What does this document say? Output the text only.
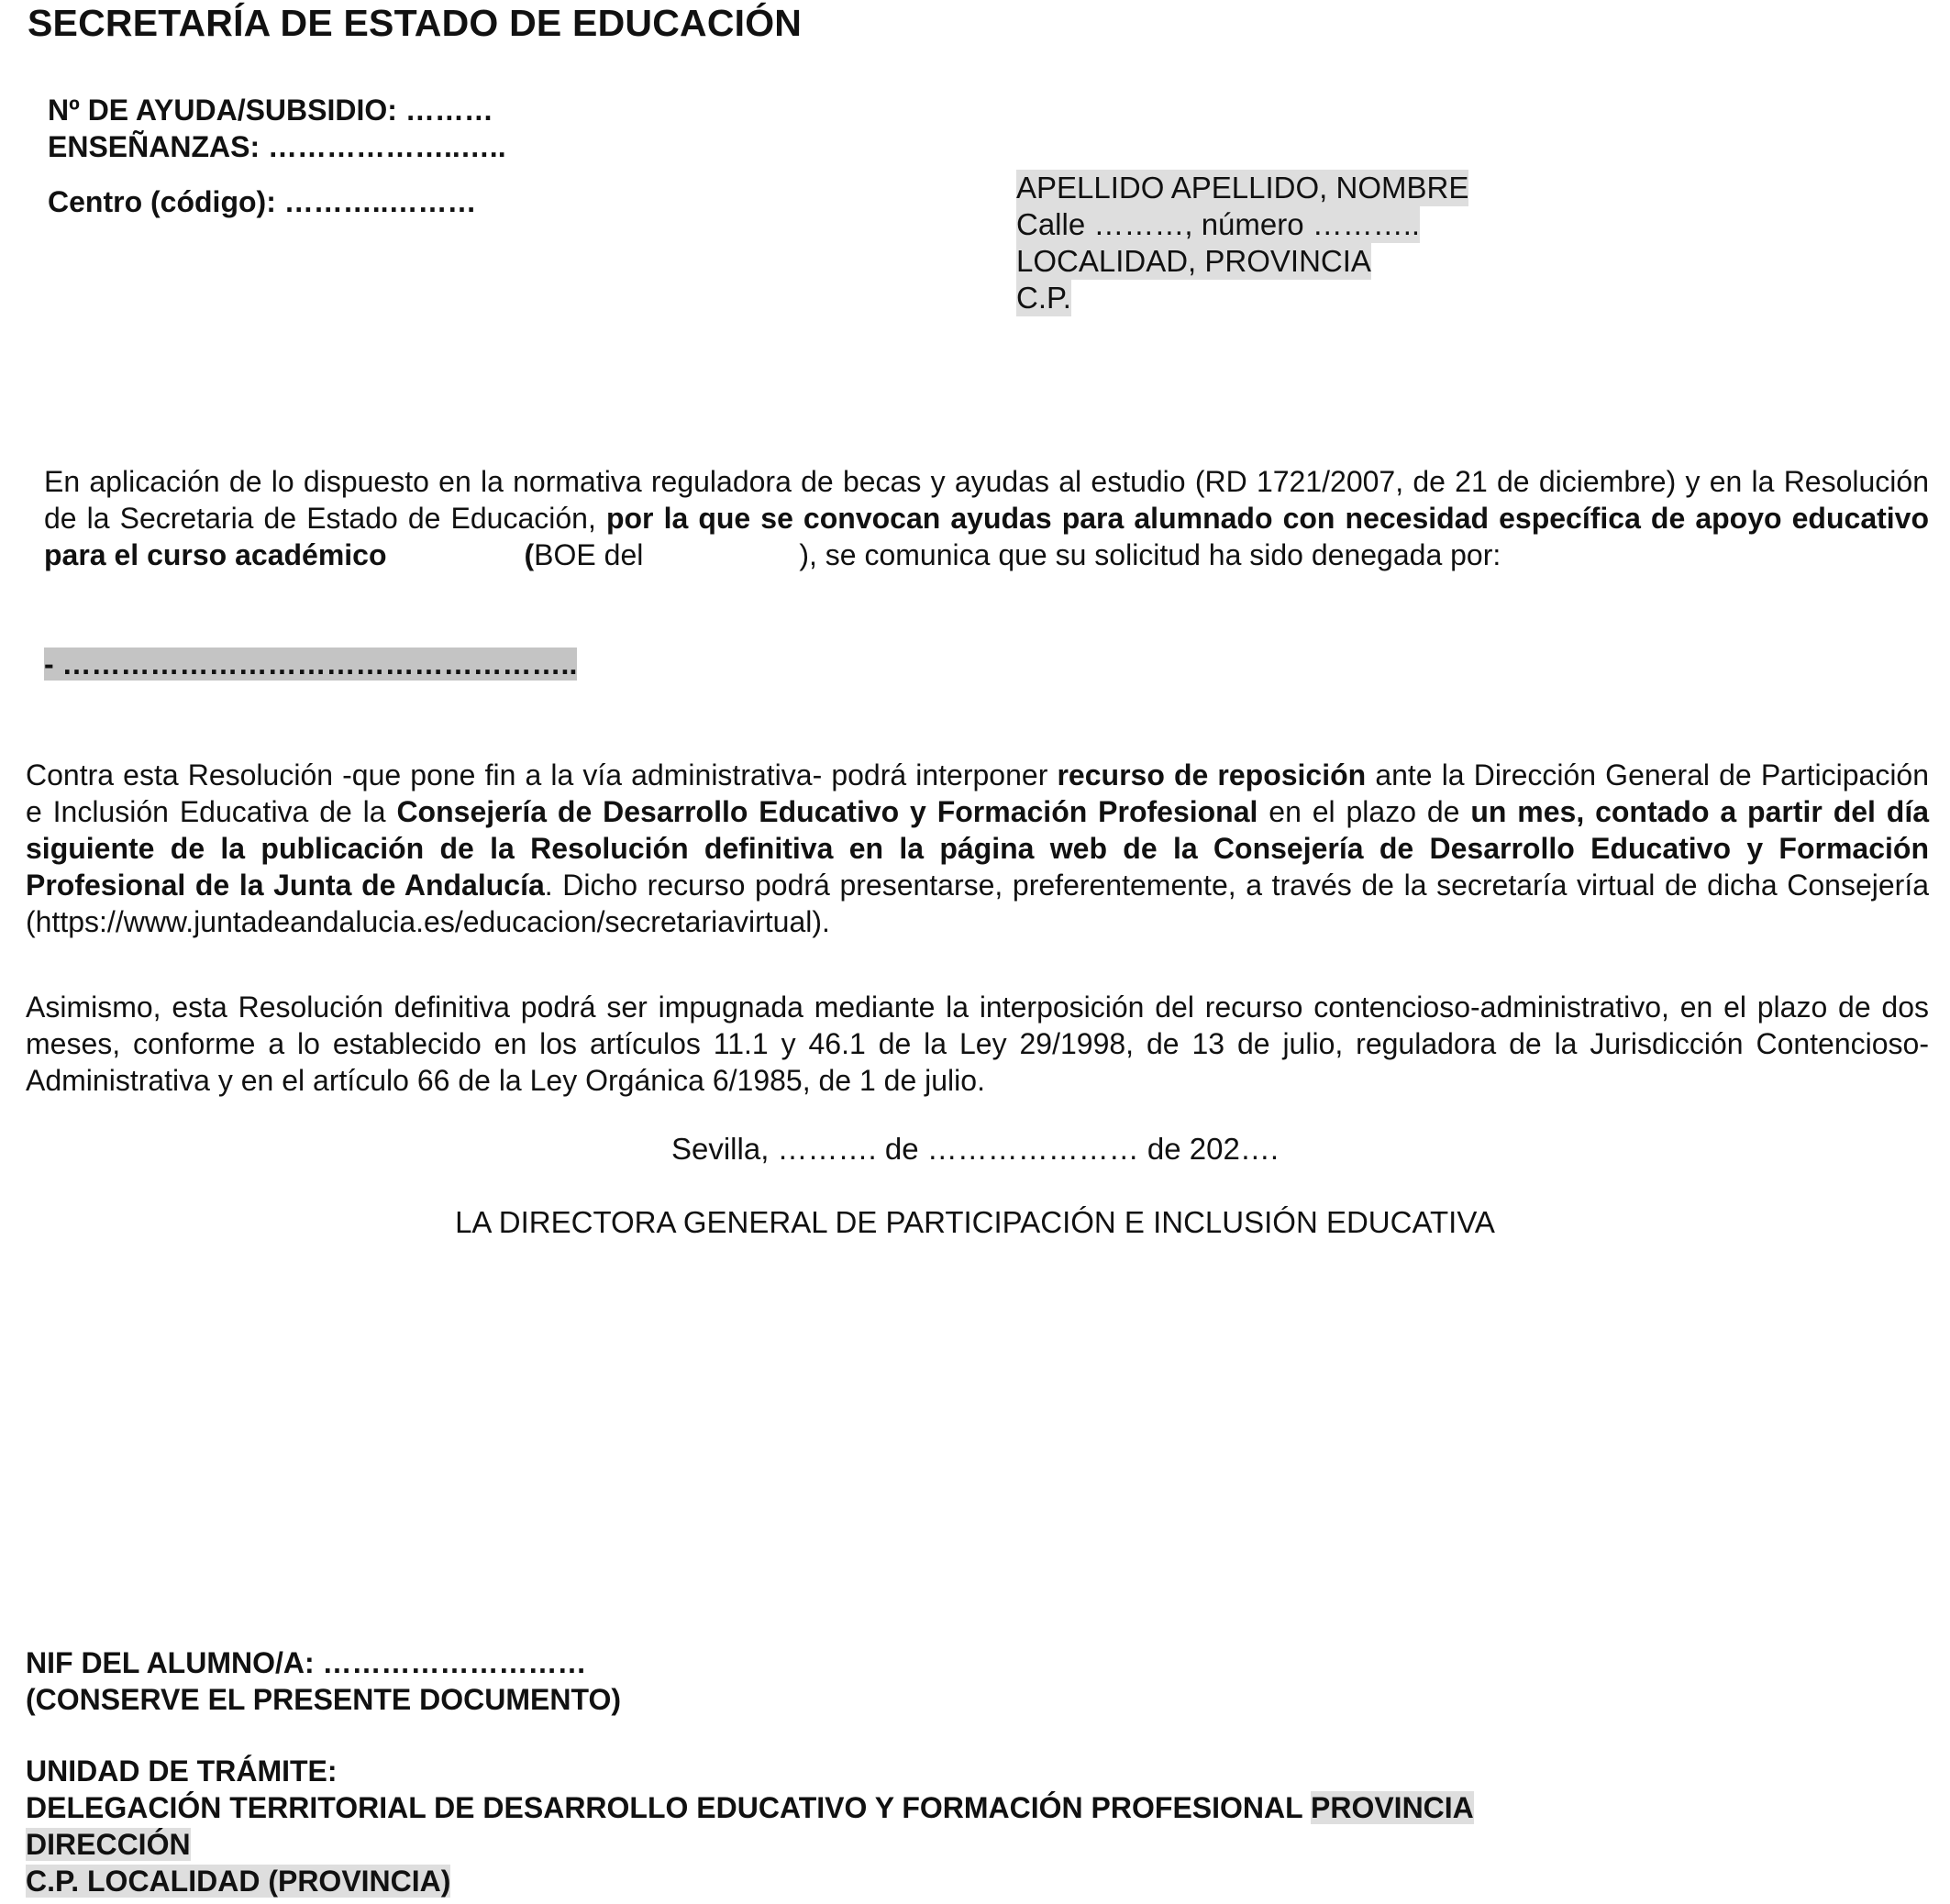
SECRETARÍA DE ESTADO DE EDUCACIÓN
Nº DE AYUDA/SUBSIDIO: ………
ENSEÑANZAS: ………………..…..
Centro (código): ………..………	APELLIDO APELLIDO, NOMBRE
Calle ………, número ………..
LOCALIDAD, PROVINCIA
C.P.
En aplicación de lo dispuesto en la normativa reguladora de becas y ayudas al estudio (RD 1721/2007, de 21 de diciembre) y en la Resolución de la Secretaria de Estado de Educación, por la que se convocan ayudas para alumnado con necesidad específica de apoyo educativo para el curso académico	(BOE del	), se comunica que su solicitud ha sido denegada por:
- ……………………………………………..
Contra esta Resolución -que pone fin a la vía administrativa- podrá interponer recurso de reposición ante la Dirección General de Participación e Inclusión Educativa de la Consejería de Desarrollo Educativo y Formación Profesional en el plazo de un mes, contado a partir del día siguiente de la publicación de la Resolución definitiva en la página web de la Consejería de Desarrollo Educativo y Formación Profesional de la Junta de Andalucía. Dicho recurso podrá presentarse, preferentemente, a través de la secretaría virtual de dicha Consejería (https://www.juntadeandalucia.es/educacion/secretariavirtual).
Asimismo, esta Resolución definitiva podrá ser impugnada mediante la interposición del recurso contencioso-administrativo, en el plazo de dos meses, conforme a lo establecido en los artículos 11.1 y 46.1 de la Ley 29/1998, de 13 de julio, reguladora de la Jurisdicción Contencioso-Administrativa y en el artículo 66 de la Ley Orgánica 6/1985, de 1 de julio.
Sevilla, ………. de ………………… de 202….
LA DIRECTORA GENERAL DE PARTICIPACIÓN E INCLUSIÓN EDUCATIVA
NIF DEL ALUMNO/A: ………………………
(CONSERVE EL PRESENTE DOCUMENTO)
UNIDAD DE TRÁMITE:
DELEGACIÓN TERRITORIAL DE DESARROLLO EDUCATIVO Y FORMACIÓN PROFESIONAL PROVINCIA
DIRECCIÓN
C.P. LOCALIDAD (PROVINCIA)
